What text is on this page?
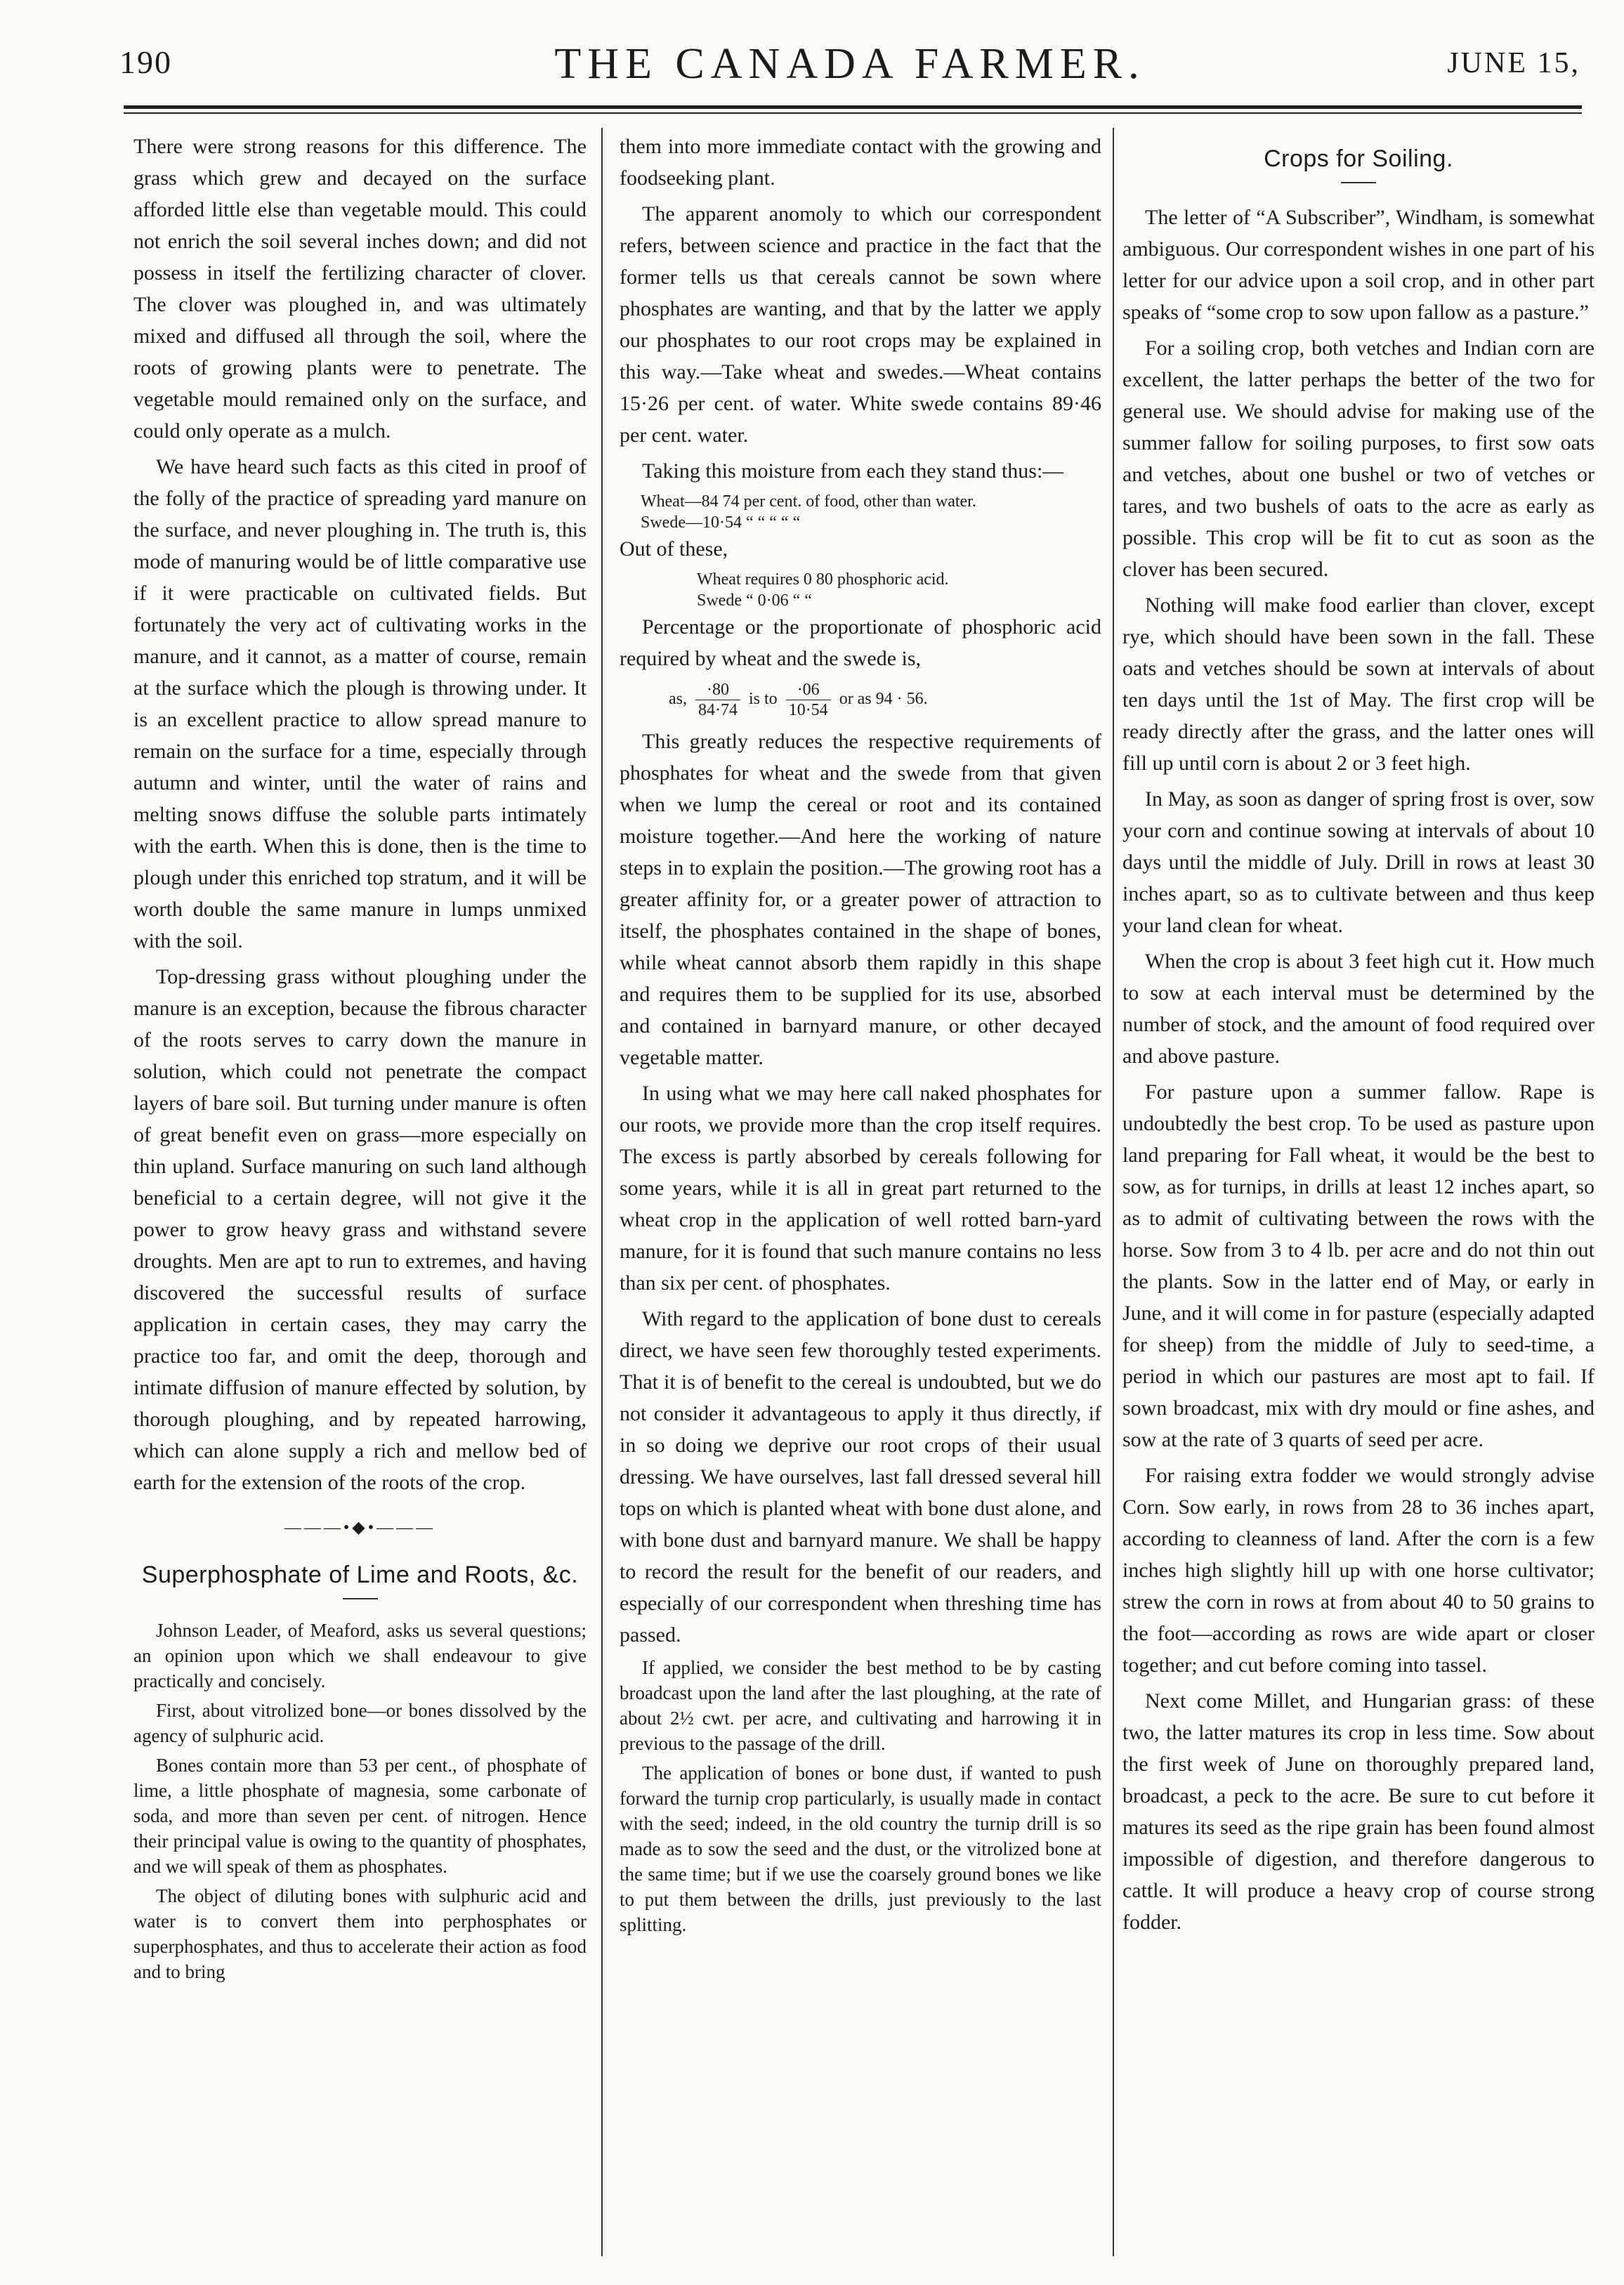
190	THE CANADA FARMER.	JUNE 15,

There were strong reasons for this difference. The grass which grew and decayed on the surface afforded little else than vegetable mould. This could not enrich the soil several inches down; and did not possess in itself the fertilizing character of clover. The clover was ploughed in, and was ultimately mixed and diffused all through the soil, where the roots of growing plants were to penetrate. The vegetable mould remained only on the surface, and could only operate as a mulch.

We have heard such facts as this cited in proof of the folly of the practice of spreading yard manure on the surface, and never ploughing in. The truth is, this mode of manuring would be of little comparative use if it were practicable on cultivated fields. But fortunately the very act of cultivating works in the manure, and it cannot, as a matter of course, remain at the surface which the plough is throwing under. It is an excellent practice to allow spread manure to remain on the surface for a time, especially through autumn and winter, until the water of rains and melting snows diffuse the soluble parts intimately with the earth. When this is done, then is the time to plough under this enriched top stratum, and it will be worth double the same manure in lumps unmixed with the soil.

Top-dressing grass without ploughing under the manure is an exception, because the fibrous character of the roots serves to carry down the manure in solution, which could not penetrate the compact layers of bare soil. But turning under manure is often of great benefit even on grass—more especially on thin upland. Surface manuring on such land although beneficial to a certain degree, will not give it the power to grow heavy grass and withstand severe droughts. Men are apt to run to extremes, and having discovered the successful results of surface application in certain cases, they may carry the practice too far, and omit the deep, thorough and intimate diffusion of manure effected by solution, by thorough ploughing, and by repeated harrowing, which can alone supply a rich and mellow bed of earth for the extension of the roots of the crop.

———•◆•———
Superphosphate of Lime and Roots, &c.

Johnson Leader, of Meaford, asks us several questions; an opinion upon which we shall endeavour to give practically and concisely.

First, about vitrolized bone—or bones dissolved by the agency of sulphuric acid.

Bones contain more than 53 per cent., of phosphate of lime, a little phosphate of magnesia, some carbonate of soda, and more than seven per cent. of nitrogen. Hence their principal value is owing to the quantity of phosphates, and we will speak of them as phosphates.

The object of diluting bones with sulphuric acid and water is to convert them into perphosphates or superphosphates, and thus to accelerate their action as food and to bring

them into more immediate contact with the growing and foodseeking plant.

The apparent anomoly to which our correspondent refers, between science and practice in the fact that the former tells us that cereals cannot be sown where phosphates are wanting, and that by the latter we apply our phosphates to our root crops may be explained in this way.—Take wheat and swedes.—Wheat contains 15·26 per cent. of water. White swede contains 89·46 per cent. water.

Taking this moisture from each they stand thus:—

Wheat—84 74 per cent. of food, other than water.
Swede—10·54 “ “ “ “ “

Out of these,

Wheat requires 0 80 phosphoric acid.
Swede “ 0·06 “ “

Percentage or the proportionate of phosphoric acid required by wheat and the swede is,

as, $\frac{\cdot 80}{84\cdot 74}$ is to $\frac{\cdot 06}{10\cdot 54}$ or as 94 · 56.

This greatly reduces the respective requirements of phosphates for wheat and the swede from that given when we lump the cereal or root and its contained moisture together.—And here the working of nature steps in to explain the position.—The growing root has a greater affinity for, or a greater power of attraction to itself, the phosphates contained in the shape of bones, while wheat cannot absorb them rapidly in this shape and requires them to be supplied for its use, absorbed and contained in barnyard manure, or other decayed vegetable matter.

In using what we may here call naked phosphates for our roots, we provide more than the crop itself requires. The excess is partly absorbed by cereals following for some years, while it is all in great part returned to the wheat crop in the application of well rotted barn-yard manure, for it is found that such manure contains no less than six per cent. of phosphates.

With regard to the application of bone dust to cereals direct, we have seen few thoroughly tested experiments. That it is of benefit to the cereal is undoubted, but we do not consider it advantageous to apply it thus directly, if in so doing we deprive our root crops of their usual dressing. We have ourselves, last fall dressed several hill tops on which is planted wheat with bone dust alone, and with bone dust and barnyard manure. We shall be happy to record the result for the benefit of our readers, and especially of our correspondent when threshing time has passed.

If applied, we consider the best method to be by casting broadcast upon the land after the last ploughing, at the rate of about 2½ cwt. per acre, and cultivating and harrowing it in previous to the passage of the drill.

The application of bones or bone dust, if wanted to push forward the turnip crop particularly, is usually made in contact with the seed; indeed, in the old country the turnip drill is so made as to sow the seed and the dust, or the vitrolized bone at the same time; but if we use the coarsely ground bones we like to put them between the drills, just previously to the last splitting.

Crops for Soiling.

The letter of “A Subscriber”, Windham, is somewhat ambiguous. Our correspondent wishes in one part of his letter for our advice upon a soil crop, and in other part speaks of “some crop to sow upon fallow as a pasture.”

For a soiling crop, both vetches and Indian corn are excellent, the latter perhaps the better of the two for general use. We should advise for making use of the summer fallow for soiling purposes, to first sow oats and vetches, about one bushel or two of vetches or tares, and two bushels of oats to the acre as early as possible. This crop will be fit to cut as soon as the clover has been secured.

Nothing will make food earlier than clover, except rye, which should have been sown in the fall. These oats and vetches should be sown at intervals of about ten days until the 1st of May. The first crop will be ready directly after the grass, and the latter ones will fill up until corn is about 2 or 3 feet high.

In May, as soon as danger of spring frost is over, sow your corn and continue sowing at intervals of about 10 days until the middle of July. Drill in rows at least 30 inches apart, so as to cultivate between and thus keep your land clean for wheat.

When the crop is about 3 feet high cut it. How much to sow at each interval must be determined by the number of stock, and the amount of food required over and above pasture.

For pasture upon a summer fallow. Rape is undoubtedly the best crop. To be used as pasture upon land preparing for Fall wheat, it would be the best to sow, as for turnips, in drills at least 12 inches apart, so as to admit of cultivating between the rows with the horse. Sow from 3 to 4 lb. per acre and do not thin out the plants. Sow in the latter end of May, or early in June, and it will come in for pasture (especially adapted for sheep) from the middle of July to seed-time, a period in which our pastures are most apt to fail. If sown broadcast, mix with dry mould or fine ashes, and sow at the rate of 3 quarts of seed per acre.

For raising extra fodder we would strongly advise Corn. Sow early, in rows from 28 to 36 inches apart, according to cleanness of land. After the corn is a few inches high slightly hill up with one horse cultivator; strew the corn in rows at from about 40 to 50 grains to the foot—according as rows are wide apart or closer together; and cut before coming into tassel.

Next come Millet, and Hungarian grass: of these two, the latter matures its crop in less time. Sow about the first week of June on thoroughly prepared land, broadcast, a peck to the acre. Be sure to cut before it matures its seed as the ripe grain has been found almost impossible of digestion, and therefore dangerous to cattle. It will produce a heavy crop of course strong fodder.
